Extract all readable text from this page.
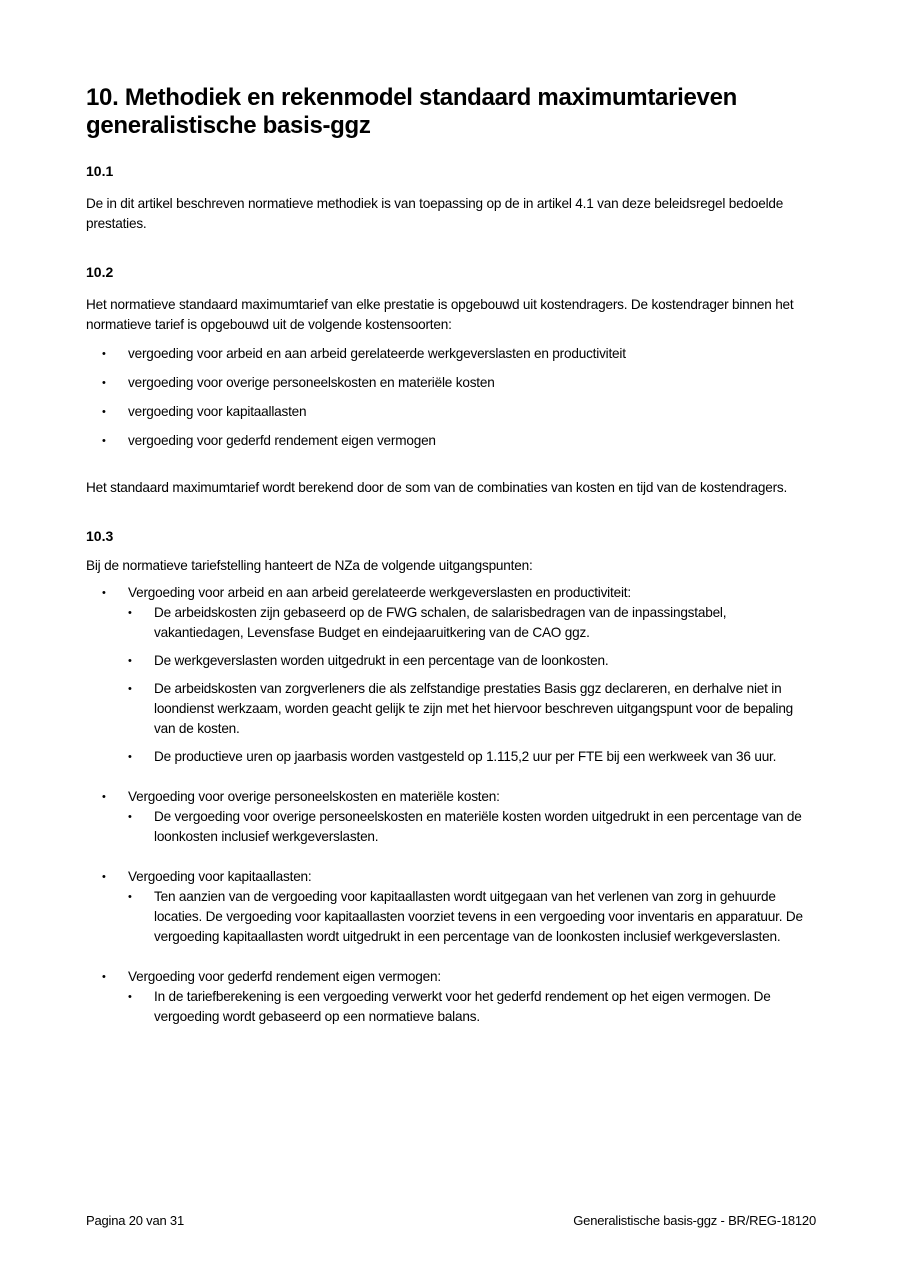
10. Methodiek en rekenmodel standaard maximumtarieven generalistische basis-ggz
10.1

De in dit artikel beschreven normatieve methodiek is van toepassing op de in artikel 4.1 van deze beleidsregel bedoelde prestaties.

10.2

Het normatieve standaard maximumtarief van elke prestatie is opgebouwd uit kostendragers. De kostendrager binnen het normatieve tarief is opgebouwd uit de volgende kostensoorten:

• vergoeding voor arbeid en aan arbeid gerelateerde werkgeverslasten en productiviteit
• vergoeding voor overige personeelskosten en materiële kosten
• vergoeding voor kapitaallasten
• vergoeding voor gederfd rendement eigen vermogen

Het standaard maximumtarief wordt berekend door de som van de combinaties van kosten en tijd van de kostendragers.

10.3

Bij de normatieve tariefstelling hanteert de NZa de volgende uitgangspunten:

• Vergoeding voor arbeid en aan arbeid gerelateerde werkgeverslasten en productiviteit:
• De arbeidskosten zijn gebaseerd op de FWG schalen, de salarisbedragen van de inpassingstabel, vakantiedagen, Levensfase Budget en eindejaaruitkering van de CAO ggz.
• De werkgeverslasten worden uitgedrukt in een percentage van de loonkosten.
• De arbeidskosten van zorgverleners die als zelfstandige prestaties Basis ggz declareren, en derhalve niet in loondienst werkzaam, worden geacht gelijk te zijn met het hiervoor beschreven uitgangspunt voor de bepaling van de kosten.
• De productieve uren op jaarbasis worden vastgesteld op 1.115,2 uur per FTE bij een werkweek van 36 uur.
• Vergoeding voor overige personeelskosten en materiële kosten:
• De vergoeding voor overige personeelskosten en materiële kosten worden uitgedrukt in een percentage van de loonkosten inclusief werkgeverslasten.
• Vergoeding voor kapitaallasten:
• Ten aanzien van de vergoeding voor kapitaallasten wordt uitgegaan van het verlenen van zorg in gehuurde locaties. De vergoeding voor kapitaallasten voorziet tevens in een vergoeding voor inventaris en apparatuur. De vergoeding kapitaallasten wordt uitgedrukt in een percentage van de loonkosten inclusief werkgeverslasten.
• Vergoeding voor gederfd rendement eigen vermogen:
• In de tariefberekening is een vergoeding verwerkt voor het gederfd rendement op het eigen vermogen. De vergoeding wordt gebaseerd op een normatieve balans.
Pagina 20 van 31	Generalistische basis-ggz - BR/REG-18120
